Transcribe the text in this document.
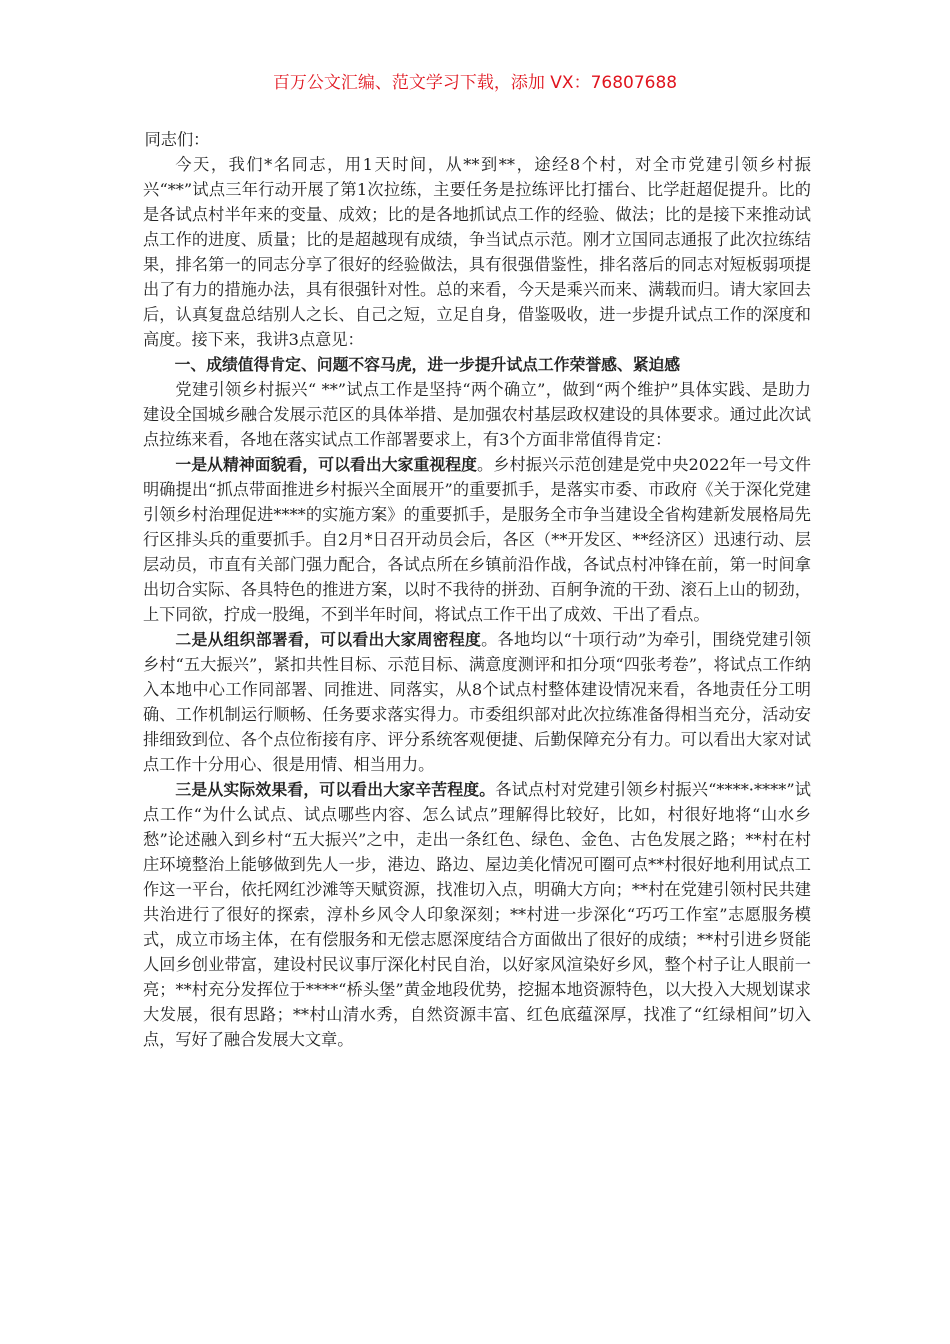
百万公文汇编、范文学习下载，添加 VX：76807688

同志们：

今天，我们*名同志，用1天时间，从**到**，途经8个村，对全市党建引领乡村振兴“**”试点三年行动开展了第1次拉练，主要任务是拉练评比打擂台、比学赶超促提升。比的是各试点村半年来的变量、成效；比的是各地抓试点工作的经验、做法；比的是接下来推动试点工作的进度、质量；比的是超越现有成绩，争当试点示范。刚才立国同志通报了此次拉练结果，排名第一的同志分享了很好的经验做法，具有很强借鉴性，排名落后的同志对短板弱项提出了有力的措施办法，具有很强针对性。总的来看，今天是乘兴而来、满载而归。请大家回去后，认真复盘总结别人之长、自己之短，立足自身，借鉴吸收，进一步提升试点工作的深度和高度。接下来，我讲3点意见：

一、成绩值得肯定、问题不容马虎，进一步提升试点工作荣誉感、紧迫感

党建引领乡村振兴“ **”试点工作是坚持“两个确立”，做到“两个维护”具体实践、是助力建设全国城乡融合发展示范区的具体举措、是加强农村基层政权建设的具体要求。通过此次试点拉练来看，各地在落实试点工作部署要求上，有3个方面非常值得肯定：

一是从精神面貌看，可以看出大家重视程度。乡村振兴示范创建是党中央2022年一号文件明确提出“抓点带面推进乡村振兴全面展开”的重要抓手，是落实市委、市政府《关于深化党建引领乡村治理促进****的实施方案》的重要抓手，是服务全市争当建设全省构建新发展格局先行区排头兵的重要抓手。自2月*日召开动员会后，各区（**开发区、**经济区）迅速行动、层层动员，市直有关部门强力配合，各试点所在乡镇前沿作战，各试点村冲锋在前，第一时间拿出切合实际、各具特色的推进方案，以时不我待的拼劲、百舸争流的干劲、滚石上山的韧劲，上下同欲，拧成一股绳，不到半年时间，将试点工作干出了成效、干出了看点。

二是从组织部署看，可以看出大家周密程度。各地均以“十项行动”为牵引，围绕党建引领乡村“五大振兴”，紧扣共性目标、示范目标、满意度测评和扣分项“四张考卷”，将试点工作纳入本地中心工作同部署、同推进、同落实，从8个试点村整体建设情况来看，各地责任分工明确、工作机制运行顺畅、任务要求落实得力。市委组织部对此次拉练准备得相当充分，活动安排细致到位、各个点位衔接有序、评分系统客观便捷、后勤保障充分有力。可以看出大家对试点工作十分用心、很是用情、相当用力。

三是从实际效果看，可以看出大家辛苦程度。各试点村对党建引领乡村振兴“****·****”试点工作“为什么试点、试点哪些内容、怎么试点”理解得比较好，比如，村很好地将“山水乡愁”论述融入到乡村“五大振兴”之中，走出一条红色、绿色、金色、古色发展之路；**村在村庄环境整治上能够做到先人一步，港边、路边、屋边美化情况可圈可点**村很好地利用试点工作这一平台，依托网红沙滩等天赋资源，找准切入点，明确大方向；**村在党建引领村民共建共治进行了很好的探索，淳朴乡风令人印象深刻；**村进一步深化“巧巧工作室”志愿服务模式，成立市场主体，在有偿服务和无偿志愿深度结合方面做出了很好的成绩；**村引进乡贤能人回乡创业带富，建设村民议事厅深化村民自治，以好家风渲染好乡风，整个村子让人眼前一亮；**村充分发挥位于****“桥头堡”黄金地段优势，挖掘本地资源特色，以大投入大规划谋求大发展，很有思路；**村山清水秀，自然资源丰富、红色底蕴深厚，找准了“红绿相间”切入点，写好了融合发展大文章。
